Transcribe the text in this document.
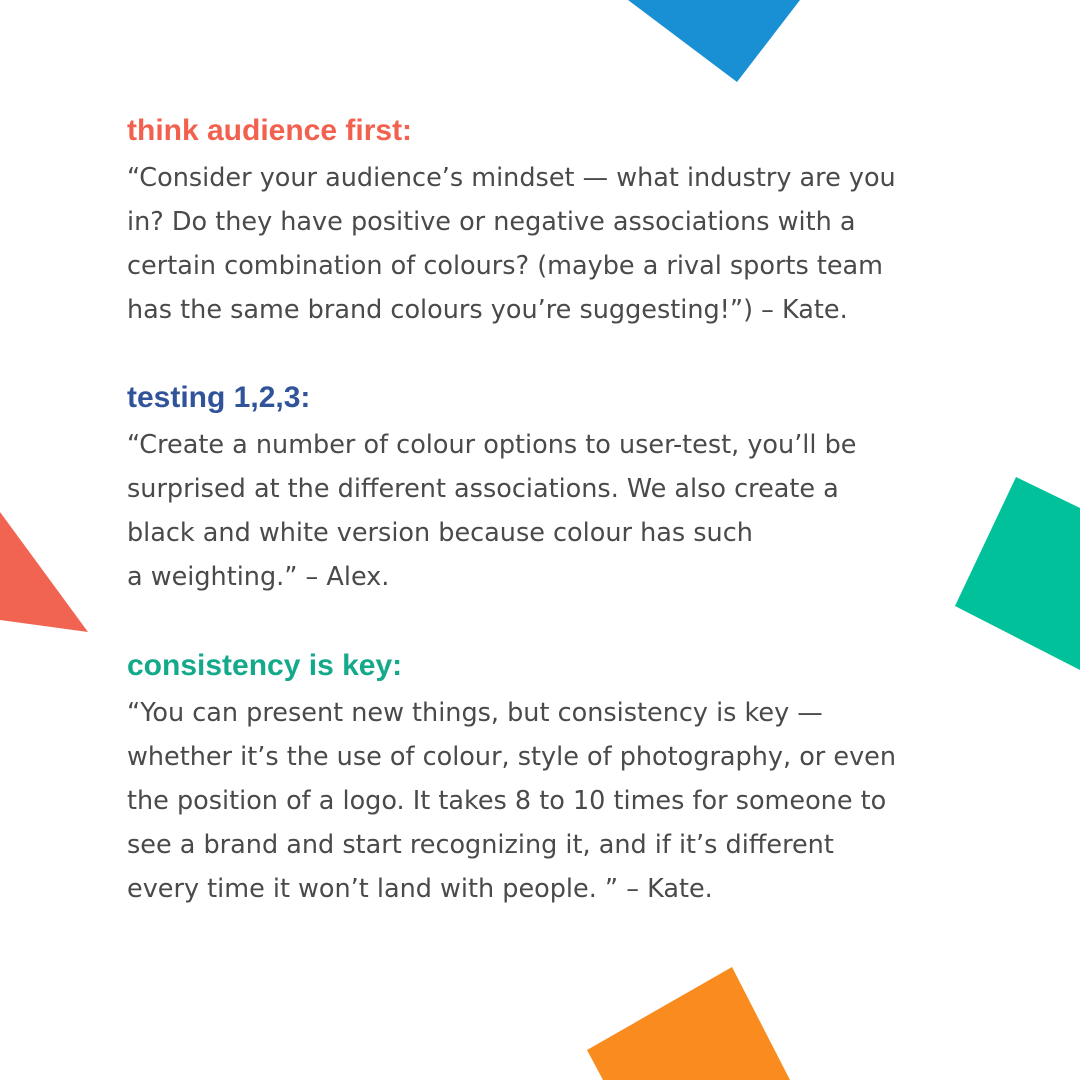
think audience first:
“Consider your audience’s mindset — what industry are you
in? Do they have positive or negative associations with a
certain combination of colours? (maybe a rival sports team
has the same brand colours you’re suggesting!”) – Kate.
testing 1,2,3:
“Create a number of colour options to user-test, you’ll be
surprised at the different associations. We also create a
black and white version because colour has such
a weighting.” – Alex.
consistency is key:
“You can present new things, but consistency is key —
whether it’s the use of colour, style of photography, or even
the position of a logo. It takes 8 to 10 times for someone to
see a brand and start recognizing it, and if it’s different
every time it won’t land with people. ” – Kate.
